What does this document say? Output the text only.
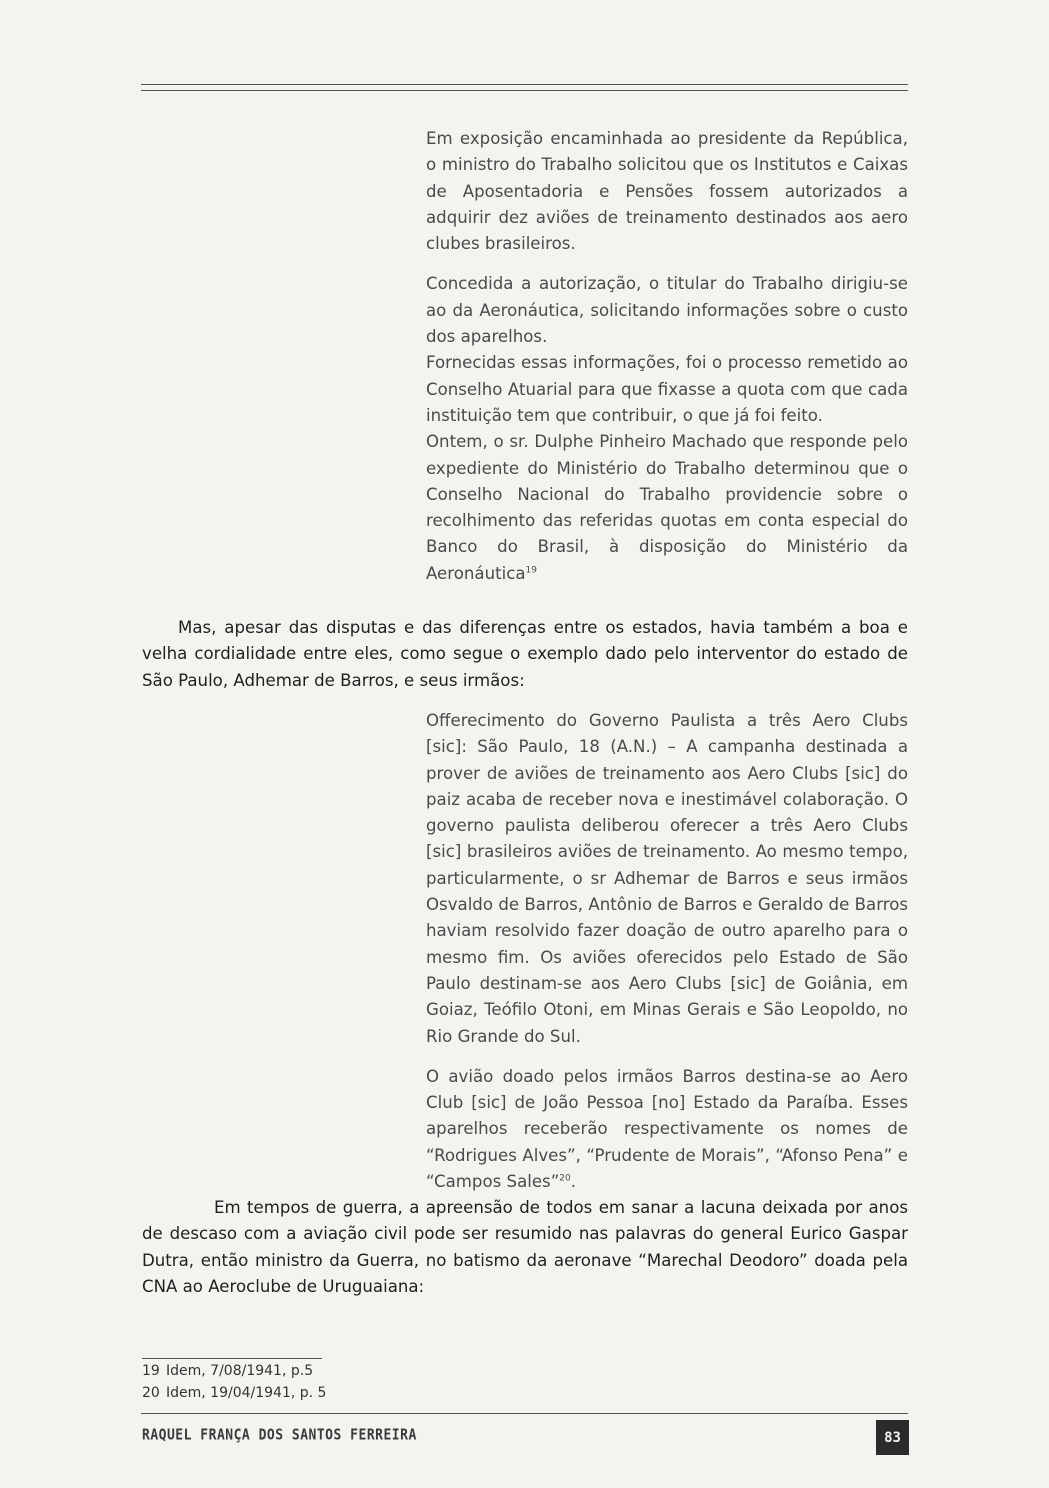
Em exposição encaminhada ao presidente da República, o ministro do Trabalho solicitou que os Institutos e Caixas de Aposentadoria e Pensões fossem autorizados a adquirir dez aviões de treinamento destinados aos aero clubes brasileiros.

Concedida a autorização, o titular do Trabalho dirigiu-se ao da Aeronáutica, solicitando informações sobre o custo dos aparelhos.

Fornecidas essas informações, foi o processo remetido ao Conselho Atuarial para que fixasse a quota com que cada instituição tem que contribuir, o que já foi feito.

Ontem, o sr. Dulphe Pinheiro Machado que responde pelo expediente do Ministério do Trabalho determinou que o Conselho Nacional do Trabalho providencie sobre o recolhimento das referidas quotas em conta especial do Banco do Brasil, à disposição do Ministério da Aeronáutica$^{19}$

Mas, apesar das disputas e das diferenças entre os estados, havia também a boa e velha cordialidade entre eles, como segue o exemplo dado pelo interventor do estado de São Paulo, Adhemar de Barros, e seus irmãos:

Offerecimento do Governo Paulista a três Aero Clubs [sic]: São Paulo, 18 (A.N.) – A campanha destinada a prover de aviões de treinamento aos Aero Clubs [sic] do paiz acaba de receber nova e inestimável colaboração. O governo paulista deliberou oferecer a três Aero Clubs [sic] brasileiros aviões de treinamento. Ao mesmo tempo, particularmente, o sr Adhemar de Barros e seus irmãos Osvaldo de Barros, Antônio de Barros e Geraldo de Barros haviam resolvido fazer doação de outro aparelho para o mesmo fim. Os aviões oferecidos pelo Estado de São Paulo destinam-se aos Aero Clubs [sic] de Goiânia, em Goiaz, Teófilo Otoni, em Minas Gerais e São Leopoldo, no Rio Grande do Sul.

O avião doado pelos irmãos Barros destina-se ao Aero Club [sic] de João Pessoa [no] Estado da Paraíba. Esses aparelhos receberão respectivamente os nomes de “Rodrigues Alves”, “Prudente de Morais”, “Afonso Pena” e “Campos Sales”$^{20}$.

Em tempos de guerra, a apreensão de todos em sanar a lacuna deixada por anos de descaso com a aviação civil pode ser resumido nas palavras do general Eurico Gaspar Dutra, então ministro da Guerra, no batismo da aeronave “Marechal Deodoro” doada pela CNA ao Aeroclube de Uruguaiana:

19 Idem, 7/08/1941, p.5
20 Idem, 19/04/1941, p. 5
RAQUEL FRANÇA DOS SANTOS FERREIRA	83
